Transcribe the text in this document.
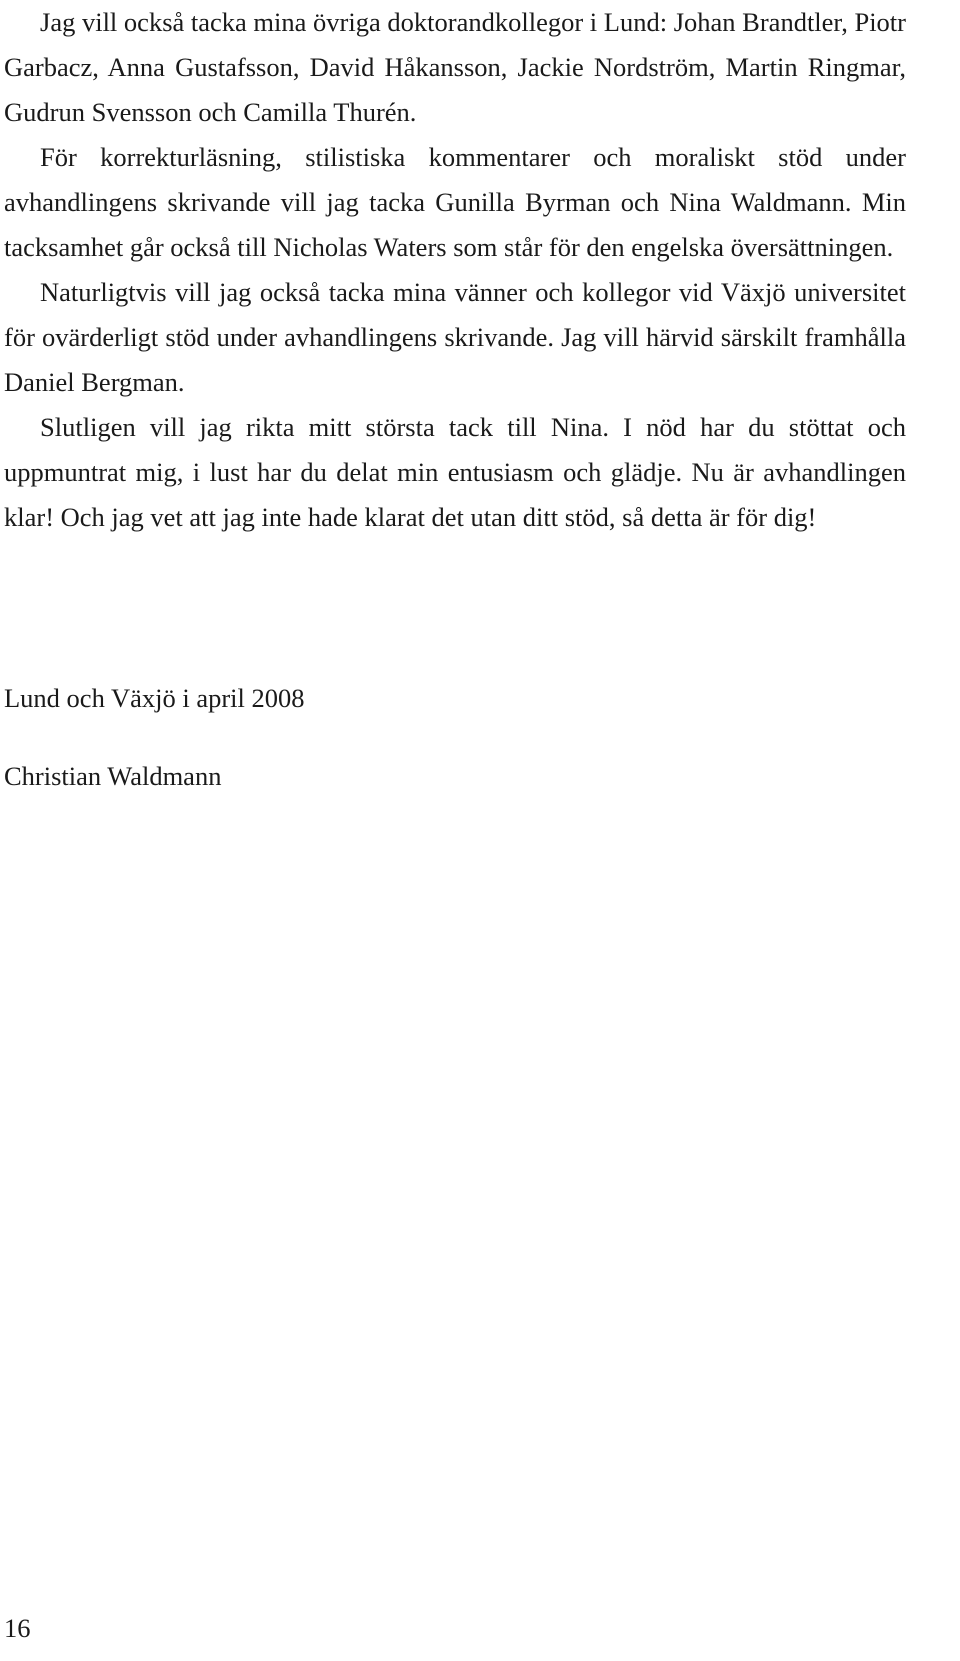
Jag vill också tacka mina övriga doktorandkollegor i Lund: Johan Brandtler, Piotr Garbacz, Anna Gustafsson, David Håkansson, Jackie Nordström, Martin Ringmar, Gudrun Svensson och Camilla Thurén.

För korrekturläsning, stilistiska kommentarer och moraliskt stöd under avhandlingens skrivande vill jag tacka Gunilla Byrman och Nina Waldmann. Min tacksamhet går också till Nicholas Waters som står för den engelska översättningen.

Naturligtvis vill jag också tacka mina vänner och kollegor vid Växjö universitet för ovärderligt stöd under avhandlingens skrivande. Jag vill härvid särskilt framhålla Daniel Bergman.

Slutligen vill jag rikta mitt största tack till Nina. I nöd har du stöttat och uppmuntrat mig, i lust har du delat min entusiasm och glädje. Nu är avhandlingen klar! Och jag vet att jag inte hade klarat det utan ditt stöd, så detta är för dig!

Lund och Växjö i april 2008

Christian Waldmann

16
